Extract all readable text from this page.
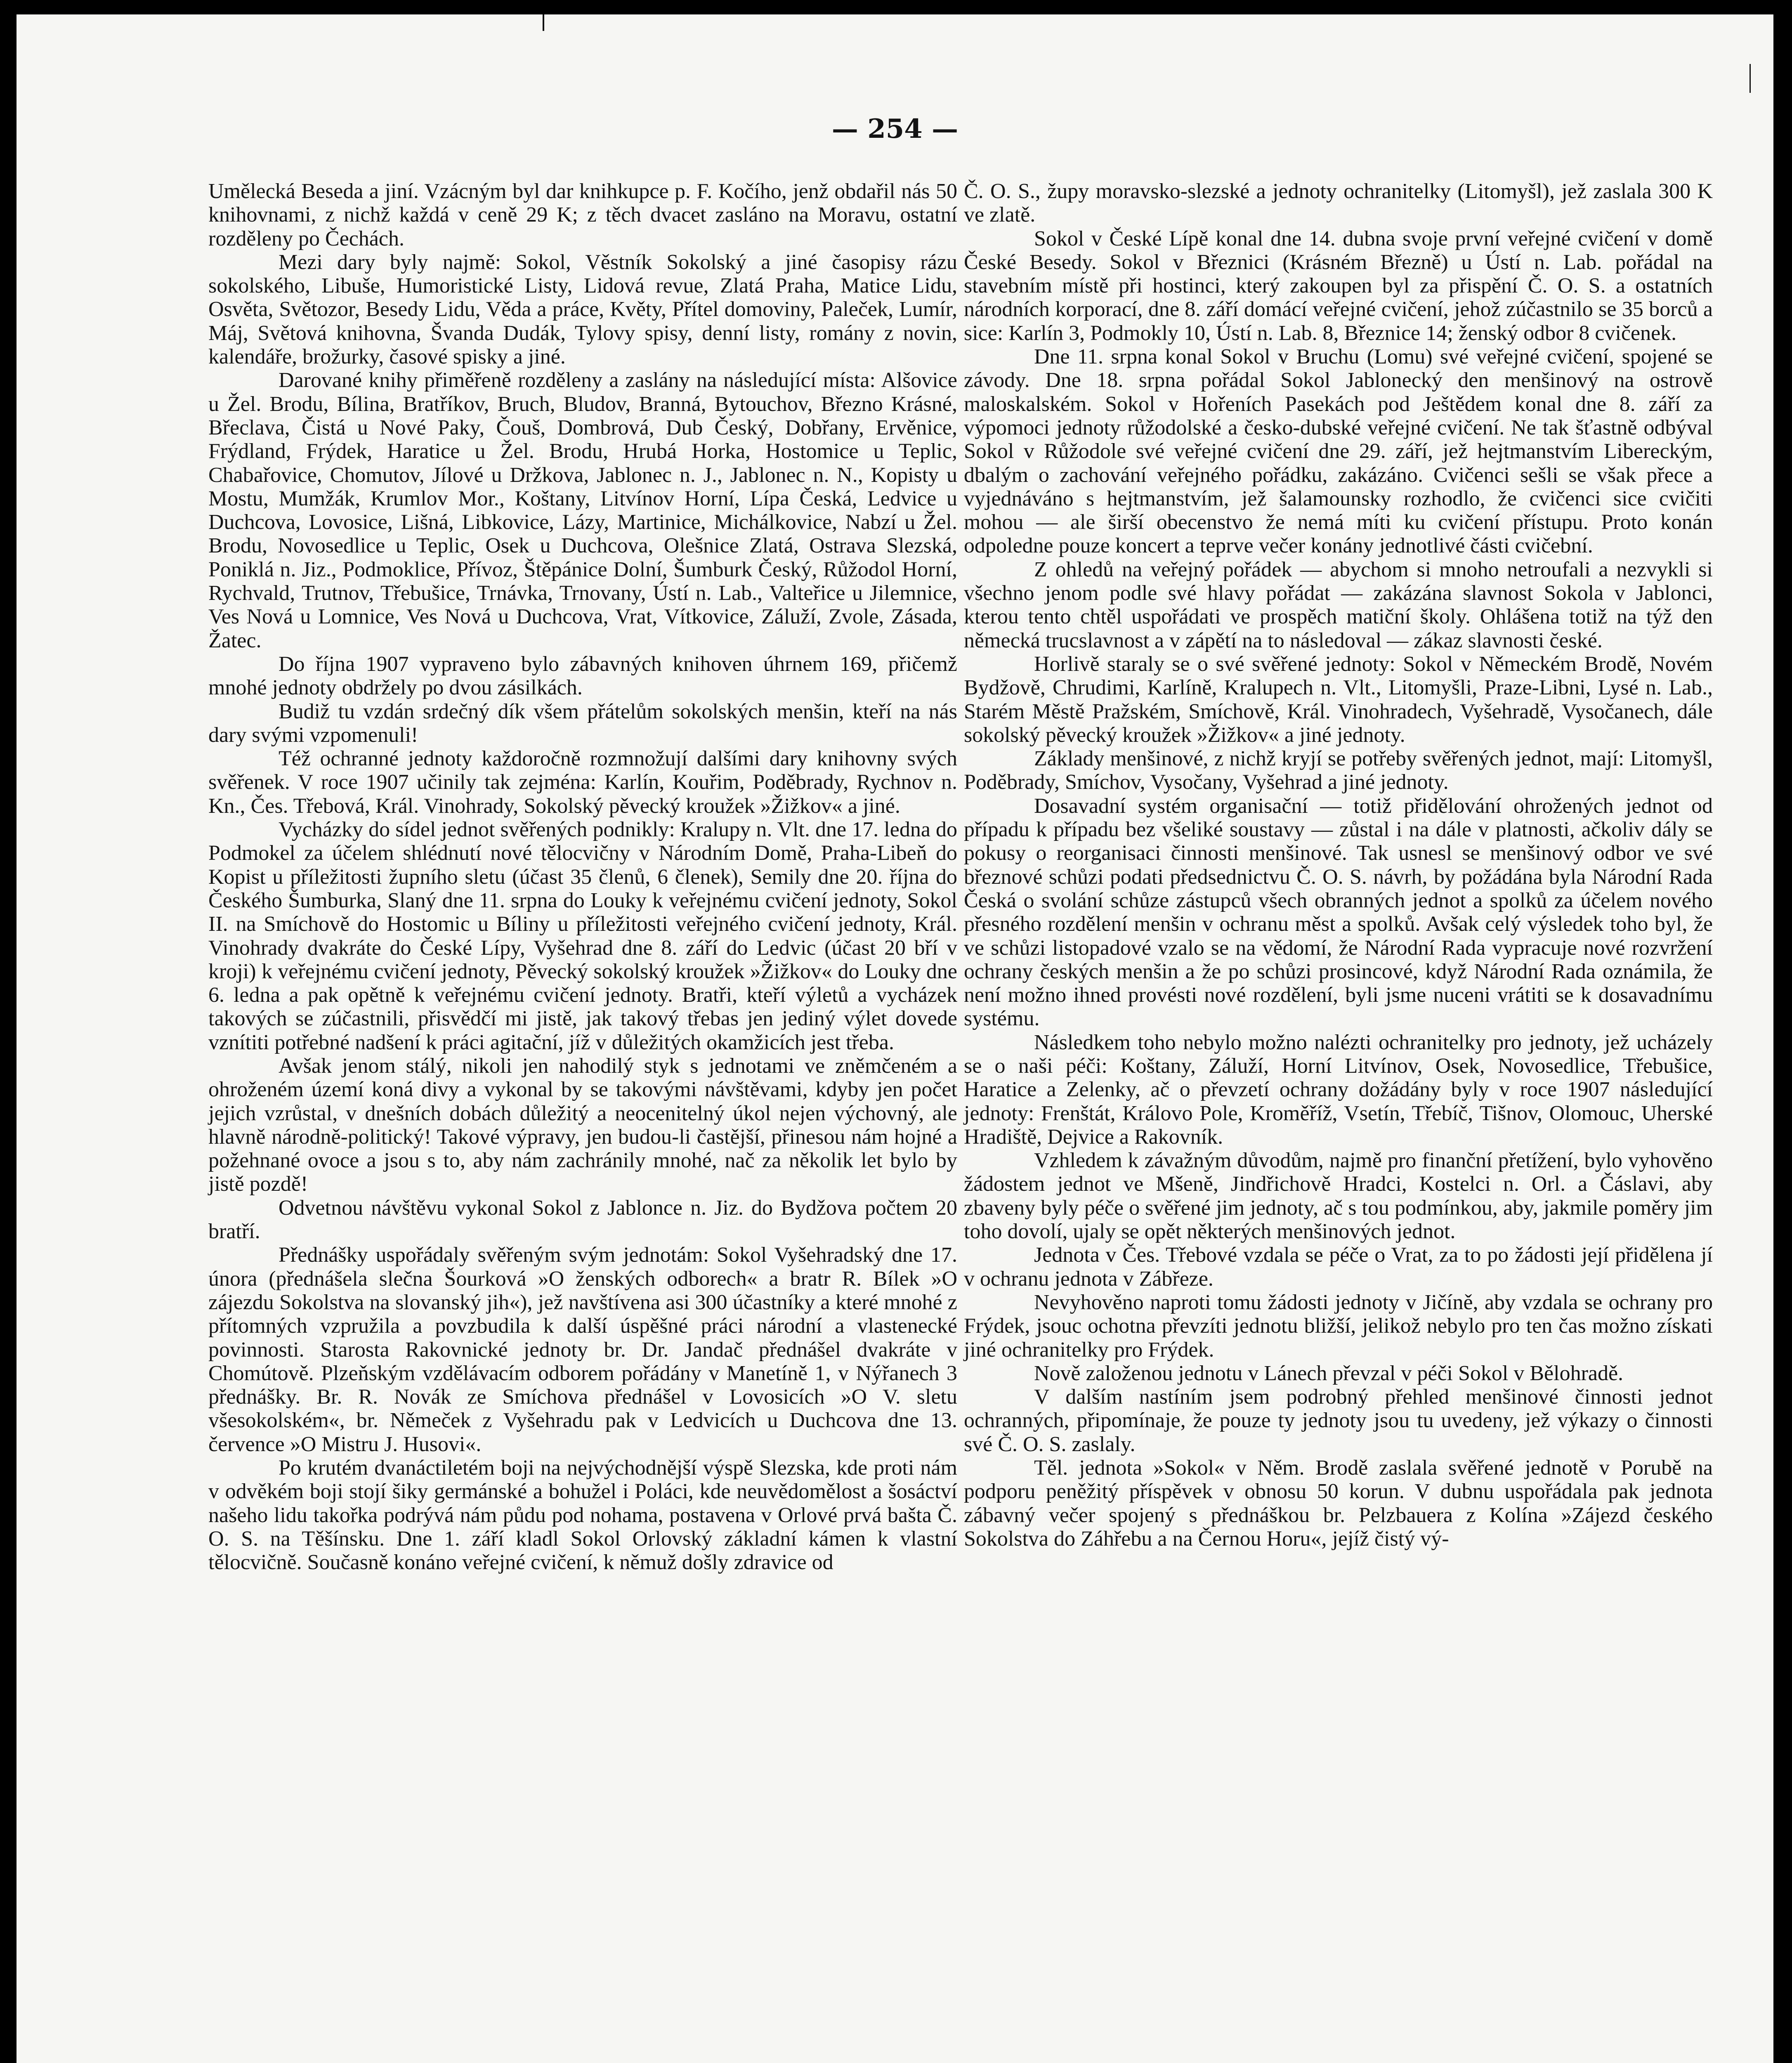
— 254 —

Umělecká Beseda a jiní. Vzácným byl dar knihkupce p. F. Kočího, jenž obdařil nás 50 knihovnami, z nichž každá v ceně 29 K; z těch dvacet zasláno na Moravu, ostatní rozděleny po Čechách.

Mezi dary byly najmě: Sokol, Věstník Sokolský a jiné časopisy rázu sokolského, Libuše, Humoristické Listy, Lidová revue, Zlatá Praha, Matice Lidu, Osvěta, Světozor, Besedy Lidu, Věda a práce, Květy, Přítel domoviny, Paleček, Lumír, Máj, Světová knihovna, Švanda Dudák, Tylovy spisy, denní listy, romány z novin, kalendáře, brožurky, časové spisky a jiné.

Darované knihy přiměřeně rozděleny a zaslány na následující místa: Alšovice u Žel. Brodu, Bílina, Bratříkov, Bruch, Bludov, Branná, Bytouchov, Březno Krásné, Břeclava, Čistá u Nové Paky, Čouš, Dombrová, Dub Český, Dobřany, Ervěnice, Frýdland, Frýdek, Haratice u Žel. Brodu, Hrubá Horka, Hostomice u Teplic, Chabařovice, Chomutov, Jílové u Držkova, Jablonec n. J., Jablonec n. N., Kopisty u Mostu, Mumžák, Krumlov Mor., Koštany, Litvínov Horní, Lípa Česká, Ledvice u Duchcova, Lovosice, Lišná, Libkovice, Lázy, Martinice, Michálkovice, Nabzí u Žel. Brodu, Novosedlice u Teplic, Osek u Duchcova, Olešnice Zlatá, Ostrava Slezská, Poniklá n. Jiz., Podmoklice, Přívoz, Štěpánice Dolní, Šumburk Český, Růžodol Horní, Rychvald, Trutnov, Třebušice, Trnávka, Trnovany, Ústí n. Lab., Valteřice u Jilemnice, Ves Nová u Lomnice, Ves Nová u Duchcova, Vrat, Vítkovice, Záluží, Zvole, Zásada, Žatec.

Do října 1907 vypraveno bylo zábavných knihoven úhrnem 169, přičemž mnohé jednoty obdržely po dvou zásilkách.

Budiž tu vzdán srdečný dík všem přátelům sokolských menšin, kteří na nás dary svými vzpomenuli!

Též ochranné jednoty každoročně rozmnožují dalšími dary knihovny svých svěřenek. V roce 1907 učinily tak zejména: Karlín, Kouřim, Poděbrady, Rychnov n. Kn., Čes. Třebová, Král. Vinohrady, Sokolský pěvecký kroužek »Žižkov« a jiné.

Vycházky do sídel jednot svěřených podnikly: Kralupy n. Vlt. dne 17. ledna do Podmokel za účelem shlédnutí nové tělocvičny v Národním Domě, Praha-Libeň do Kopist u příležitosti župního sletu (účast 35 členů, 6 členek), Semily dne 20. října do Českého Šumburka, Slaný dne 11. srpna do Louky k veřejnému cvičení jednoty, Sokol II. na Smíchově do Hostomic u Bíliny u příležitosti veřejného cvičení jednoty, Král. Vinohrady dvakráte do České Lípy, Vyšehrad dne 8. září do Ledvic (účast 20 bří v kroji) k veřejnému cvičení jednoty, Pěvecký sokolský kroužek »Žižkov« do Louky dne 6. ledna a pak opětně k veřejnému cvičení jednoty. Bratři, kteří výletů a vycházek takových se zúčastnili, přisvědčí mi jistě, jak takový třebas jen jediný výlet dovede vznítiti potřebné nadšení k práci agitační, jíž v důležitých okamžicích jest třeba.

Avšak jenom stálý, nikoli jen nahodilý styk s jednotami ve zněmčeném a ohroženém území koná divy a vykonal by se takovými návštěvami, kdyby jen počet jejich vzrůstal, v dnešních dobách důležitý a neocenitelný úkol nejen výchovný, ale hlavně národně-politický! Takové výpravy, jen budou-li častější, přinesou nám hojné a požehnané ovoce a jsou s to, aby nám zachránily mnohé, nač za několik let bylo by jistě pozdě!

Odvetnou návštěvu vykonal Sokol z Jablonce n. Jiz. do Bydžova počtem 20 bratří.

Přednášky uspořádaly svěřeným svým jednotám: Sokol Vyšehradský dne 17. února (přednášela slečna Šourková »O ženských odborech« a bratr R. Bílek »O zájezdu Sokolstva na slovanský jih«), jež navštívena asi 300 účastníky a které mnohé z přítomných vzpružila a povzbudila k další úspěšné práci národní a vlastenecké povinnosti. Starosta Rakovnické jednoty br. Dr. Jandač přednášel dvakráte v Chomútově. Plzeňským vzdělávacím odborem pořádány v Manetíně 1, v Nýřanech 3 přednášky. Br. R. Novák ze Smíchova přednášel v Lovosicích »O V. sletu všesokolském«, br. Němeček z Vyšehradu pak v Ledvicích u Duchcova dne 13. července »O Mistru J. Husovi«.

Po krutém dvanáctiletém boji na nejvýchodnější výspě Slezska, kde proti nám v odvěkém boji stojí šiky germánské a bohužel i Poláci, kde neuvědomělost a šosáctví našeho lidu takořka podrývá nám půdu pod nohama, postavena v Orlové prvá bašta Č. O. S. na Těšínsku. Dne 1. září kladl Sokol Orlovský základní kámen k vlastní tělocvičně. Současně konáno veřejné cvičení, k němuž došly zdravice od

Č. O. S., župy moravsko-slezské a jednoty ochranitelky (Litomyšl), jež zaslala 300 K ve zlatě.

Sokol v České Lípě konal dne 14. dubna svoje první veřejné cvičení v domě České Besedy. Sokol v Březnici (Krásném Březně) u Ústí n. Lab. pořádal na stavebním místě při hostinci, který zakoupen byl za přispění Č. O. S. a ostatních národních korporací, dne 8. září domácí veřejné cvičení, jehož zúčastnilo se 35 borců a sice: Karlín 3, Podmokly 10, Ústí n. Lab. 8, Březnice 14; ženský odbor 8 cvičenek.

Dne 11. srpna konal Sokol v Bruchu (Lomu) své veřejné cvičení, spojené se závody. Dne 18. srpna pořádal Sokol Jablonecký den menšinový na ostrově maloskalském. Sokol v Hořeních Pasekách pod Ještědem konal dne 8. září za výpomoci jednoty růžodolské a česko-dubské veřejné cvičení. Ne tak šťastně odbýval Sokol v Růžodole své veřejné cvičení dne 29. září, jež hejtmanstvím Libereckým, dbalým o zachování veřejného pořádku, zakázáno. Cvičenci sešli se však přece a vyjednáváno s hejtmanstvím, jež šalamounsky rozhodlo, že cvičenci sice cvičiti mohou — ale širší obecenstvo že nemá míti ku cvičení přístupu. Proto konán odpoledne pouze koncert a teprve večer konány jednotlivé části cvičební.

Z ohledů na veřejný pořádek — abychom si mnoho netroufali a nezvykli si všechno jenom podle své hlavy pořádat — zakázána slavnost Sokola v Jablonci, kterou tento chtěl uspořádati ve prospěch matiční školy. Ohlášena totiž na týž den německá trucslavnost a v zápětí na to následoval — zákaz slavnosti české.

Horlivě staraly se o své svěřené jednoty: Sokol v Německém Brodě, Novém Bydžově, Chrudimi, Karlíně, Kralupech n. Vlt., Litomyšli, Praze-Libni, Lysé n. Lab., Starém Městě Pražském, Smíchově, Král. Vinohradech, Vyšehradě, Vysočanech, dále sokolský pěvecký kroužek »Žižkov« a jiné jednoty.

Základy menšinové, z nichž kryjí se potřeby svěřených jednot, mají: Litomyšl, Poděbrady, Smíchov, Vysočany, Vyšehrad a jiné jednoty.

Dosavadní systém organisační — totiž přidělování ohrožených jednot od případu k případu bez všeliké soustavy — zůstal i na dále v platnosti, ačkoliv dály se pokusy o reorganisaci činnosti menšinové. Tak usnesl se menšinový odbor ve své březnové schůzi podati předsednictvu Č. O. S. návrh, by požádána byla Národní Rada Česká o svolání schůze zástupců všech obranných jednot a spolků za účelem nového přesného rozdělení menšin v ochranu měst a spolků. Avšak celý výsledek toho byl, že ve schůzi listopadové vzalo se na vědomí, že Národní Rada vypracuje nové rozvržení ochrany českých menšin a že po schůzi prosincové, když Národní Rada oznámila, že není možno ihned provésti nové rozdělení, byli jsme nuceni vrátiti se k dosavadnímu systému.

Následkem toho nebylo možno nalézti ochranitelky pro jednoty, jež ucházely se o naši péči: Koštany, Záluží, Horní Litvínov, Osek, Novosedlice, Třebušice, Haratice a Zelenky, ač o převzetí ochrany dožádány byly v roce 1907 následující jednoty: Frenštát, Královo Pole, Kroměříž, Vsetín, Třebíč, Tišnov, Olomouc, Uherské Hradiště, Dejvice a Rakovník.

Vzhledem k závažným důvodům, najmě pro finanční přetížení, bylo vyhověno žádostem jednot ve Mšeně, Jindřichově Hradci, Kostelci n. Orl. a Čáslavi, aby zbaveny byly péče o svěřené jim jednoty, ač s tou podmínkou, aby, jakmile poměry jim toho dovolí, ujaly se opět některých menšinových jednot.

Jednota v Čes. Třebové vzdala se péče o Vrat, za to po žádosti její přidělena jí v ochranu jednota v Zábřeze.

Nevyhověno naproti tomu žádosti jednoty v Jičíně, aby vzdala se ochrany pro Frýdek, jsouc ochotna převzíti jednotu bližší, jelikož nebylo pro ten čas možno získati jiné ochranitelky pro Frýdek.

Nově založenou jednotu v Lánech převzal v péči Sokol v Bělohradě.

V dalším nastíním jsem podrobný přehled menšinové činnosti jednot ochranných, připomínaje, že pouze ty jednoty jsou tu uvedeny, jež výkazy o činnosti své Č. O. S. zaslaly.

Těl. jednota »Sokol« v Něm. Brodě zaslala svěřené jednotě v Porubě na podporu peněžitý příspěvek v obnosu 50 korun. V dubnu uspořádala pak jednota zábavný večer spojený s přednáškou br. Pelzbauera z Kolína »Zájezd českého Sokolstva do Záhřebu a na Černou Horu«, jejíž čistý vý-
